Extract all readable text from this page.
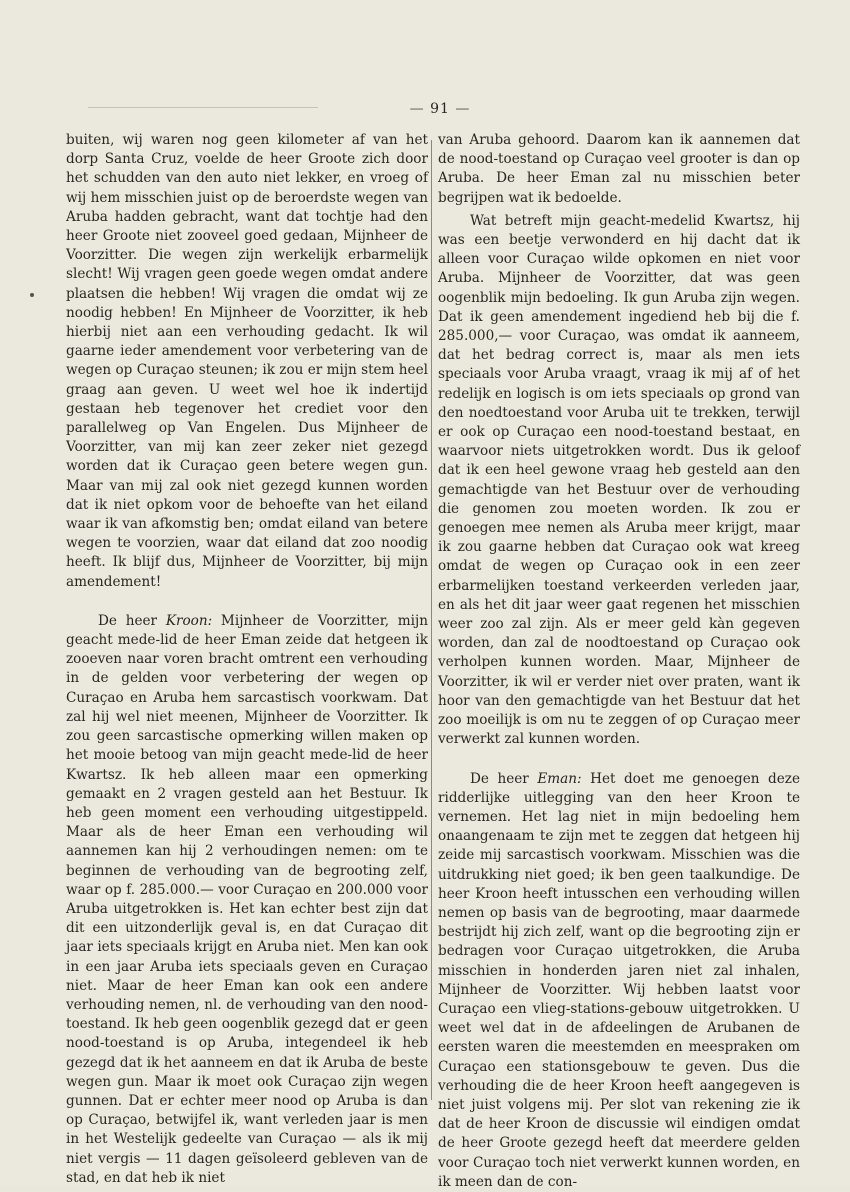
— 91 —

buiten, wij waren nog geen kilometer af van het dorp Santa Cruz, voelde de heer Groote zich door het schudden van den auto niet lekker, en vroeg of wij hem misschien juist op de beroerdste wegen van Aruba hadden gebracht, want dat tochtje had den heer Groote niet zooveel goed gedaan, Mijnheer de Voorzitter. Die wegen zijn werkelijk erbarmelijk slecht! Wij vragen geen goede wegen omdat andere plaatsen die hebben! Wij vragen die omdat wij ze noodig hebben! En Mijnheer de Voorzitter, ik heb hierbij niet aan een verhouding gedacht. Ik wil gaarne ieder amendement voor verbetering van de wegen op Curaçao steunen; ik zou er mijn stem heel graag aan geven. U weet wel hoe ik indertijd gestaan heb tegenover het crediet voor den parallelweg op Van Engelen. Dus Mijnheer de Voorzitter, van mij kan zeer zeker niet gezegd worden dat ik Curaçao geen betere wegen gun. Maar van mij zal ook niet gezegd kunnen worden dat ik niet opkom voor de behoefte van het eiland waar ik van afkomstig ben; omdat eiland van betere wegen te voorzien, waar dat eiland dat zoo noodig heeft. Ik blijf dus, Mijnheer de Voorzitter, bij mijn amendement!

De heer Kroon: Mijnheer de Voorzitter, mijn geacht mede-lid de heer Eman zeide dat hetgeen ik zooeven naar voren bracht omtrent een verhouding in de gelden voor verbetering der wegen op Curaçao en Aruba hem sarcastisch voorkwam. Dat zal hij wel niet meenen, Mijnheer de Voorzitter. Ik zou geen sarcastische opmerking willen maken op het mooie betoog van mijn geacht mede-lid de heer Kwartsz. Ik heb alleen maar een opmerking gemaakt en 2 vragen gesteld aan het Bestuur. Ik heb geen moment een verhouding uitgestippeld. Maar als de heer Eman een verhouding wil aannemen kan hij 2 verhoudingen nemen: om te beginnen de verhouding van de begrooting zelf, waar op f. 285.000.— voor Curaçao en 200.000 voor Aruba uitgetrokken is. Het kan echter best zijn dat dit een uitzonderlijk geval is, en dat Curaçao dit jaar iets speciaals krijgt en Aruba niet. Men kan ook in een jaar Aruba iets speciaals geven en Curaçao niet. Maar de heer Eman kan ook een andere verhouding nemen, nl. de verhouding van den nood-toestand. Ik heb geen oogenblik gezegd dat er geen nood-toestand is op Aruba, integendeel ik heb gezegd dat ik het aanneem en dat ik Aruba de beste wegen gun. Maar ik moet ook Curaçao zijn wegen gunnen. Dat er echter meer nood op Aruba is dan op Curaçao, betwijfel ik, want verleden jaar is men in het Westelijk gedeelte van Curaçao — als ik mij niet vergis — 11 dagen geïsoleerd gebleven van de stad, en dat heb ik niet

van Aruba gehoord. Daarom kan ik aannemen dat de nood-toestand op Curaçao veel grooter is dan op Aruba. De heer Eman zal nu misschien beter begrijpen wat ik bedoelde.

Wat betreft mijn geacht-medelid Kwartsz, hij was een beetje verwonderd en hij dacht dat ik alleen voor Curaçao wilde opkomen en niet voor Aruba. Mijnheer de Voorzitter, dat was geen oogenblik mijn bedoeling. Ik gun Aruba zijn wegen. Dat ik geen amendement ingediend heb bij die f. 285.000,— voor Curaçao, was omdat ik aanneem, dat het bedrag correct is, maar als men iets speciaals voor Aruba vraagt, vraag ik mij af of het redelijk en logisch is om iets speciaals op grond van den noedtoestand voor Aruba uit te trekken, terwijl er ook op Curaçao een nood-toestand bestaat, en waarvoor niets uitgetrokken wordt. Dus ik geloof dat ik een heel gewone vraag heb gesteld aan den gemachtigde van het Bestuur over de verhouding die genomen zou moeten worden. Ik zou er genoegen mee nemen als Aruba meer krijgt, maar ik zou gaarne hebben dat Curaçao ook wat kreeg omdat de wegen op Curaçao ook in een zeer erbarmelijken toestand verkeerden verleden jaar, en als het dit jaar weer gaat regenen het misschien weer zoo zal zijn. Als er meer geld kàn gegeven worden, dan zal de noodtoestand op Curaçao ook verholpen kunnen worden. Maar, Mijnheer de Voorzitter, ik wil er verder niet over praten, want ik hoor van den gemachtigde van het Bestuur dat het zoo moeilijk is om nu te zeggen of op Curaçao meer verwerkt zal kunnen worden.

De heer Eman: Het doet me genoegen deze ridderlijke uitlegging van den heer Kroon te vernemen. Het lag niet in mijn bedoeling hem onaangenaam te zijn met te zeggen dat hetgeen hij zeide mij sarcastisch voorkwam. Misschien was die uitdrukking niet goed; ik ben geen taalkundige. De heer Kroon heeft intusschen een verhouding willen nemen op basis van de begrooting, maar daarmede bestrijdt hij zich zelf, want op die begrooting zijn er bedragen voor Curaçao uitgetrokken, die Aruba misschien in honderden jaren niet zal inhalen, Mijnheer de Voorzitter. Wij hebben laatst voor Curaçao een vlieg-stations-gebouw uitgetrokken. U weet wel dat in de afdeelingen de Arubanen de eersten waren die meestemden en meespraken om Curaçao een stationsgebouw te geven. Dus die verhouding die de heer Kroon heeft aangegeven is niet juist volgens mij. Per slot van rekening zie ik dat de heer Kroon de discussie wil eindigen omdat de heer Groote gezegd heeft dat meerdere gelden voor Curaçao toch niet verwerkt kunnen worden, en ik meen dan de con-
